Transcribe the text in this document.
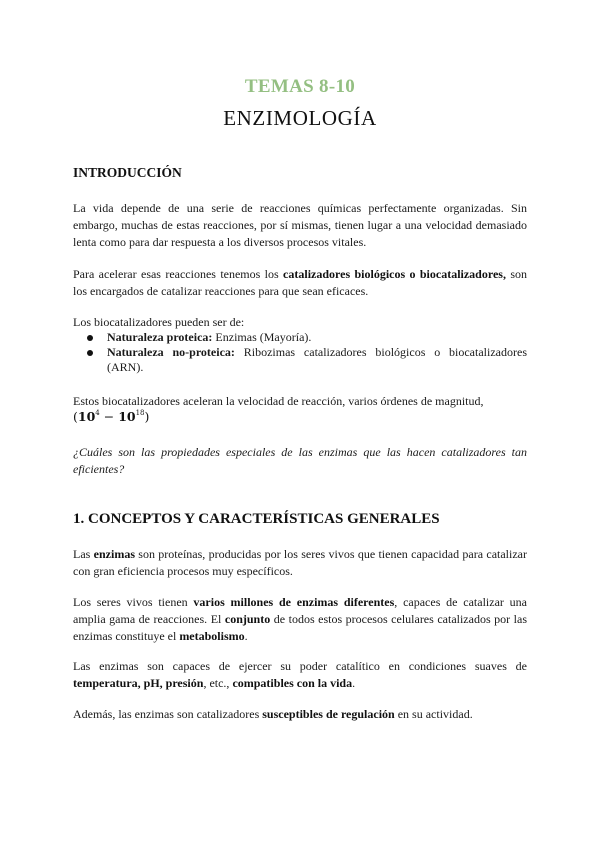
TEMAS 8-10
ENZIMOLOGÍA
INTRODUCCIÓN
La vida depende de una serie de reacciones químicas perfectamente organizadas. Sin embargo, muchas de estas reacciones, por sí mismas, tienen lugar a una velocidad demasiado lenta como para dar respuesta a los diversos procesos vitales.
Para acelerar esas reacciones tenemos los catalizadores biológicos o biocatalizadores, son los encargados de catalizar reacciones para que sean eficaces.
Los biocatalizadores pueden ser de:
Naturaleza proteica: Enzimas (Mayoría).
Naturaleza no-proteica: Ribozimas catalizadores biológicos o biocatalizadores (ARN).
Estos biocatalizadores aceleran la velocidad de reacción, varios órdenes de magnitud,
$(10^4 - 10^{18})$
¿Cuáles son las propiedades especiales de las enzimas que las hacen catalizadores tan eficientes?
1. CONCEPTOS Y CARACTERÍSTICAS GENERALES
Las enzimas son proteínas, producidas por los seres vivos que tienen capacidad para catalizar con gran eficiencia procesos muy específicos.
Los seres vivos tienen varios millones de enzimas diferentes, capaces de catalizar una amplia gama de reacciones. El conjunto de todos estos procesos celulares catalizados por las enzimas constituye el metabolismo.
Las enzimas son capaces de ejercer su poder catalítico en condiciones suaves de temperatura, pH, presión, etc., compatibles con la vida.
Además, las enzimas son catalizadores susceptibles de regulación en su actividad.
